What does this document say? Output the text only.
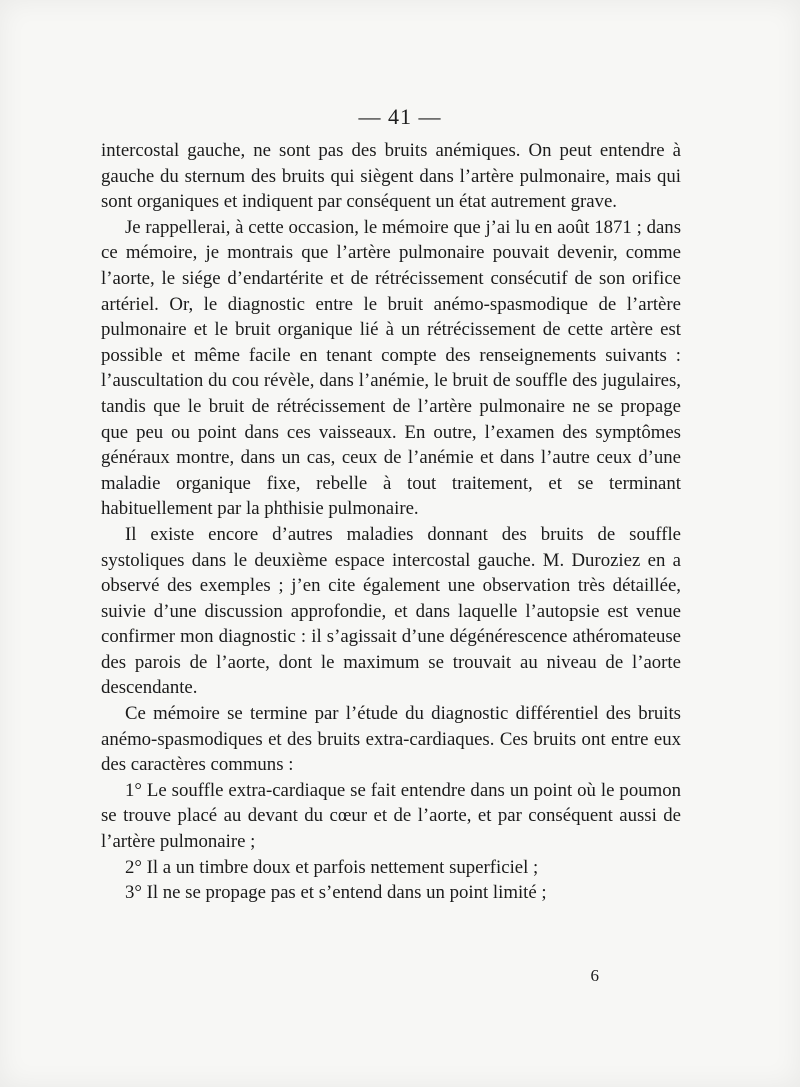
— 41 —

intercostal gauche, ne sont pas des bruits anémiques. On peut entendre à gauche du sternum des bruits qui siègent dans l’artère pulmonaire, mais qui sont organiques et indiquent par conséquent un état autrement grave.

Je rappellerai, à cette occasion, le mémoire que j’ai lu en août 1871 ; dans ce mémoire, je montrais que l’artère pulmonaire pouvait devenir, comme l’aorte, le siége d’endartérite et de rétrécissement consécutif de son orifice artériel. Or, le diagnostic entre le bruit anémo-spasmodique de l’artère pulmonaire et le bruit organique lié à un rétrécissement de cette artère est possible et même facile en tenant compte des renseignements suivants : l’auscultation du cou révèle, dans l’anémie, le bruit de souffle des jugulaires, tandis que le bruit de rétrécissement de l’artère pulmonaire ne se propage que peu ou point dans ces vaisseaux. En outre, l’examen des symptômes généraux montre, dans un cas, ceux de l’anémie et dans l’autre ceux d’une maladie organique fixe, rebelle à tout traitement, et se terminant habituellement par la phthisie pulmonaire.

Il existe encore d’autres maladies donnant des bruits de souffle systoliques dans le deuxième espace intercostal gauche. M. Duroziez en a observé des exemples ; j’en cite également une observation très détaillée, suivie d’une discussion approfondie, et dans laquelle l’autopsie est venue confirmer mon diagnostic : il s’agissait d’une dégénérescence athéromateuse des parois de l’aorte, dont le maximum se trouvait au niveau de l’aorte descendante.

Ce mémoire se termine par l’étude du diagnostic différentiel des bruits anémo-spasmodiques et des bruits extra-cardiaques. Ces bruits ont entre eux des caractères communs :

1° Le souffle extra-cardiaque se fait entendre dans un point où le poumon se trouve placé au devant du cœur et de l’aorte, et par conséquent aussi de l’artère pulmonaire ;

2° Il a un timbre doux et parfois nettement superficiel ;

3° Il ne se propage pas et s’entend dans un point limité ;

6
